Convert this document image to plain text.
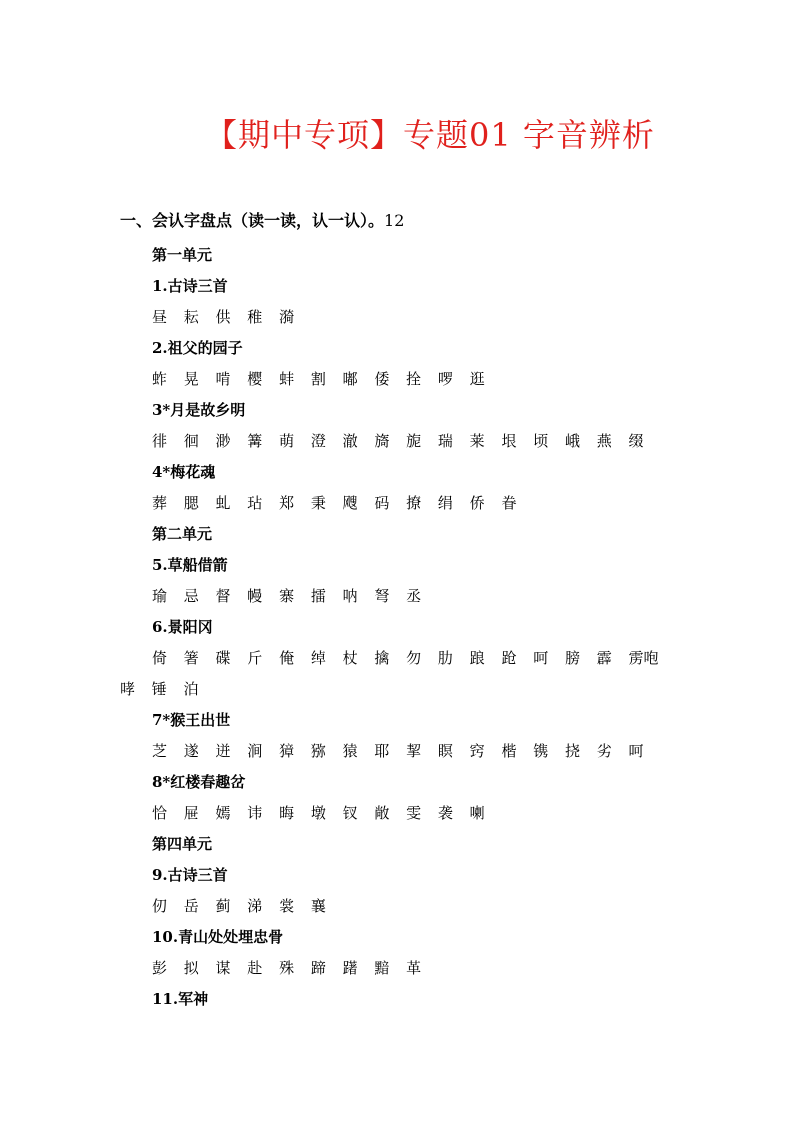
【期中专项】专题01 字音辨析
一、会认字盘点（读一读，认一认）。12
第一单元
1.古诗三首
昼 耘 供 稚 漪
2.祖父的园子
蚱 晃 啃 樱 蚌 割 嘟 倭 拴 啰 逛
3*月是故乡明
徘 徊 渺 篝 萌 澄 澈 旖 旎 瑞 莱 垠 顷 峨 燕 缀
4*梅花魂
葬 腮 虬 玷 郑 秉 飕 码 撩 绢 侨 眷
第二单元
5.草船借箭
瑜 忌 督 幔 寨 擂 呐 弩 丞
6.景阳冈
倚 箸 碟 斤 俺 绰 杖 擒 勿 肋 踉 跄 呵 膀 霹 雳咆
哮 锤 泊
7*猴王出世
芝 遂 迸 涧 獐 猕 猿 耶 挈 瞑 窍 楷 镌 挠 劣 呵
8*红楼春趣岔
恰 屉 嫣 讳 晦 墩 钗 敞 雯 袭 喇
第四单元
9.古诗三首
仞 岳 蓟 涕 裳 襄
10.青山处处埋忠骨
彭 拟 谋 赴 殊 蹄 躇 黯 革
11.军神
